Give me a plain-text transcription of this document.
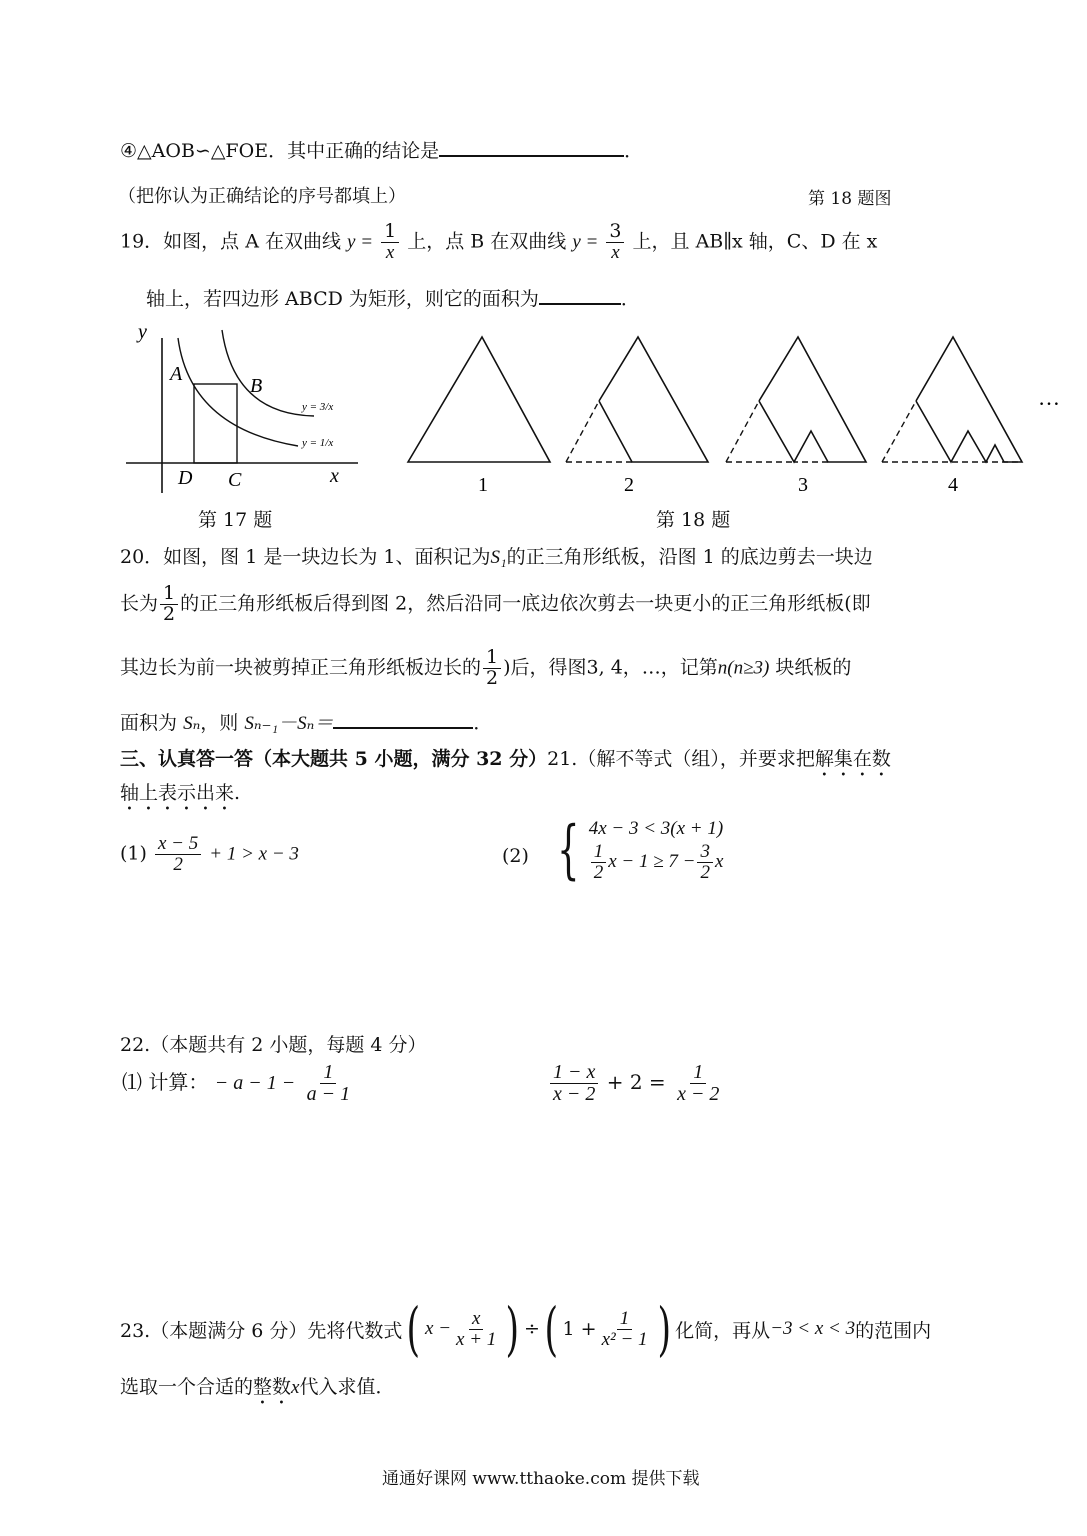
④△AOB∽△FOE．其中正确的结论是	．
（把你认为正确结论的序号都填上）	第 18 题图
19．如图，点 A 在双曲线 $y = \frac{1}{x}$ 上，点 B 在双曲线 $y = \frac{3}{x}$ 上，且 AB∥x 轴，C、D 在 x
轴上，若四边形 ABCD 为矩形，则它的面积为	．
y
x
A
B
D C
y = 3/x
y = 1/x
第 17 题
1	2	3	4
…
第 18 题
20．如图，图 1 是一块边长为 1、面积记为S₁的正三角形纸板，沿图 1 的底边剪去一块边
长为 $\frac{1}{2}$ 的正三角形纸板后得到图 2，然后沿同一底边依次剪去一块更小的正三角形纸板(即
其边长为前一块被剪掉正三角形纸板边长的 $\frac{1}{2}$ )后，得图3, 4，…，记第n(n≥3) 块纸板的
面积为 Sₙ，则 Sₙ₋₁－Sₙ＝	．
三、认真答一答（本大题共 5 小题，满分 32 分）21.（解不等式（组），并要求把解集在数
轴上表示出来.
$(1) \frac{x - 5}{2} + 1 > x - 3$	(2) { 4x − 3 < 3(x + 1)
$\frac{1}{2}$ $x - 1 \ge 7 - \frac{3}{2}$ x
22.（本题共有 2 小题，每题 4 分）
⑴ 计算： − $a - 1 - \frac{1}{a - 1}$	$\frac{1 - x}{x - 2} + 2 = \frac{1}{x - 2}$
23.（本题满分 6 分）先将代数式 ( $x - \frac{x}{x + 1}$ ) ÷ ( $1 + \frac{1}{\text{x² − 1}}$ ) 化简，再从 −3 < x < 3 的范围内
选取一个合适的整数x代入求值．
通通好课网 www.tthaoke.com 提供下载
